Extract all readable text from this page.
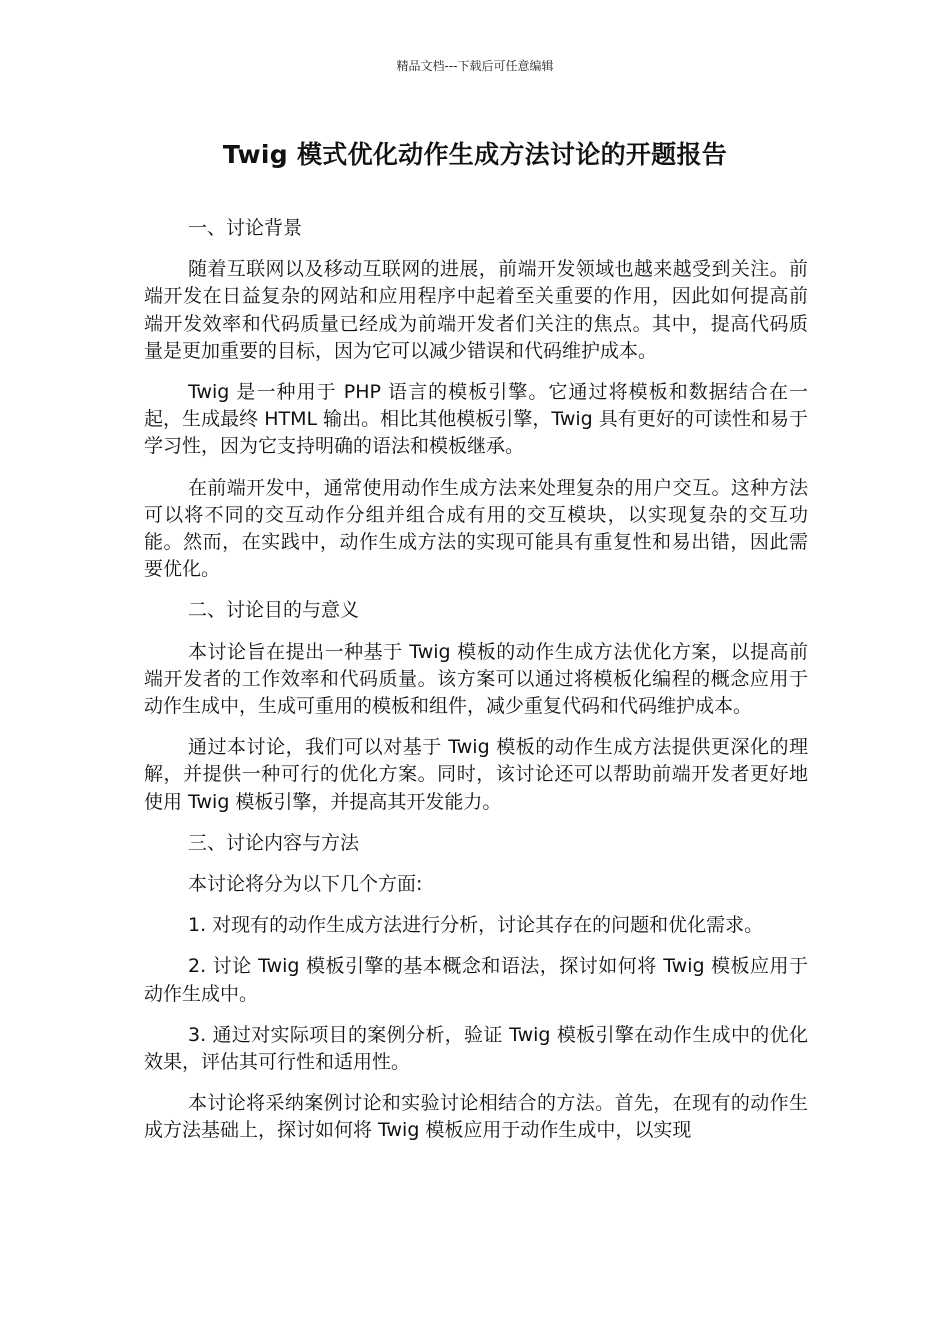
精品文档---下载后可任意编辑
Twig 模式优化动作生成方法讨论的开题报告

一、讨论背景

随着互联网以及移动互联网的进展，前端开发领域也越来越受到关注。前端开发在日益复杂的网站和应用程序中起着至关重要的作用，因此如何提高前端开发效率和代码质量已经成为前端开发者们关注的焦点。其中，提高代码质量是更加重要的目标，因为它可以减少错误和代码维护成本。

Twig 是一种用于 PHP 语言的模板引擎。它通过将模板和数据结合在一起，生成最终 HTML 输出。相比其他模板引擎，Twig 具有更好的可读性和易于学习性，因为它支持明确的语法和模板继承。

在前端开发中，通常使用动作生成方法来处理复杂的用户交互。这种方法可以将不同的交互动作分组并组合成有用的交互模块，以实现复杂的交互功能。然而，在实践中，动作生成方法的实现可能具有重复性和易出错，因此需要优化。

二、讨论目的与意义

本讨论旨在提出一种基于 Twig 模板的动作生成方法优化方案，以提高前端开发者的工作效率和代码质量。该方案可以通过将模板化编程的概念应用于动作生成中，生成可重用的模板和组件，减少重复代码和代码维护成本。

通过本讨论，我们可以对基于 Twig 模板的动作生成方法提供更深化的理解，并提供一种可行的优化方案。同时，该讨论还可以帮助前端开发者更好地使用 Twig 模板引擎，并提高其开发能力。

三、讨论内容与方法

本讨论将分为以下几个方面:

1. 对现有的动作生成方法进行分析，讨论其存在的问题和优化需求。

2. 讨论 Twig 模板引擎的基本概念和语法，探讨如何将 Twig 模板应用于动作生成中。

3. 通过对实际项目的案例分析，验证 Twig 模板引擎在动作生成中的优化效果，评估其可行性和适用性。

本讨论将采纳案例讨论和实验讨论相结合的方法。首先，在现有的动作生成方法基础上，探讨如何将 Twig 模板应用于动作生成中，以实现
